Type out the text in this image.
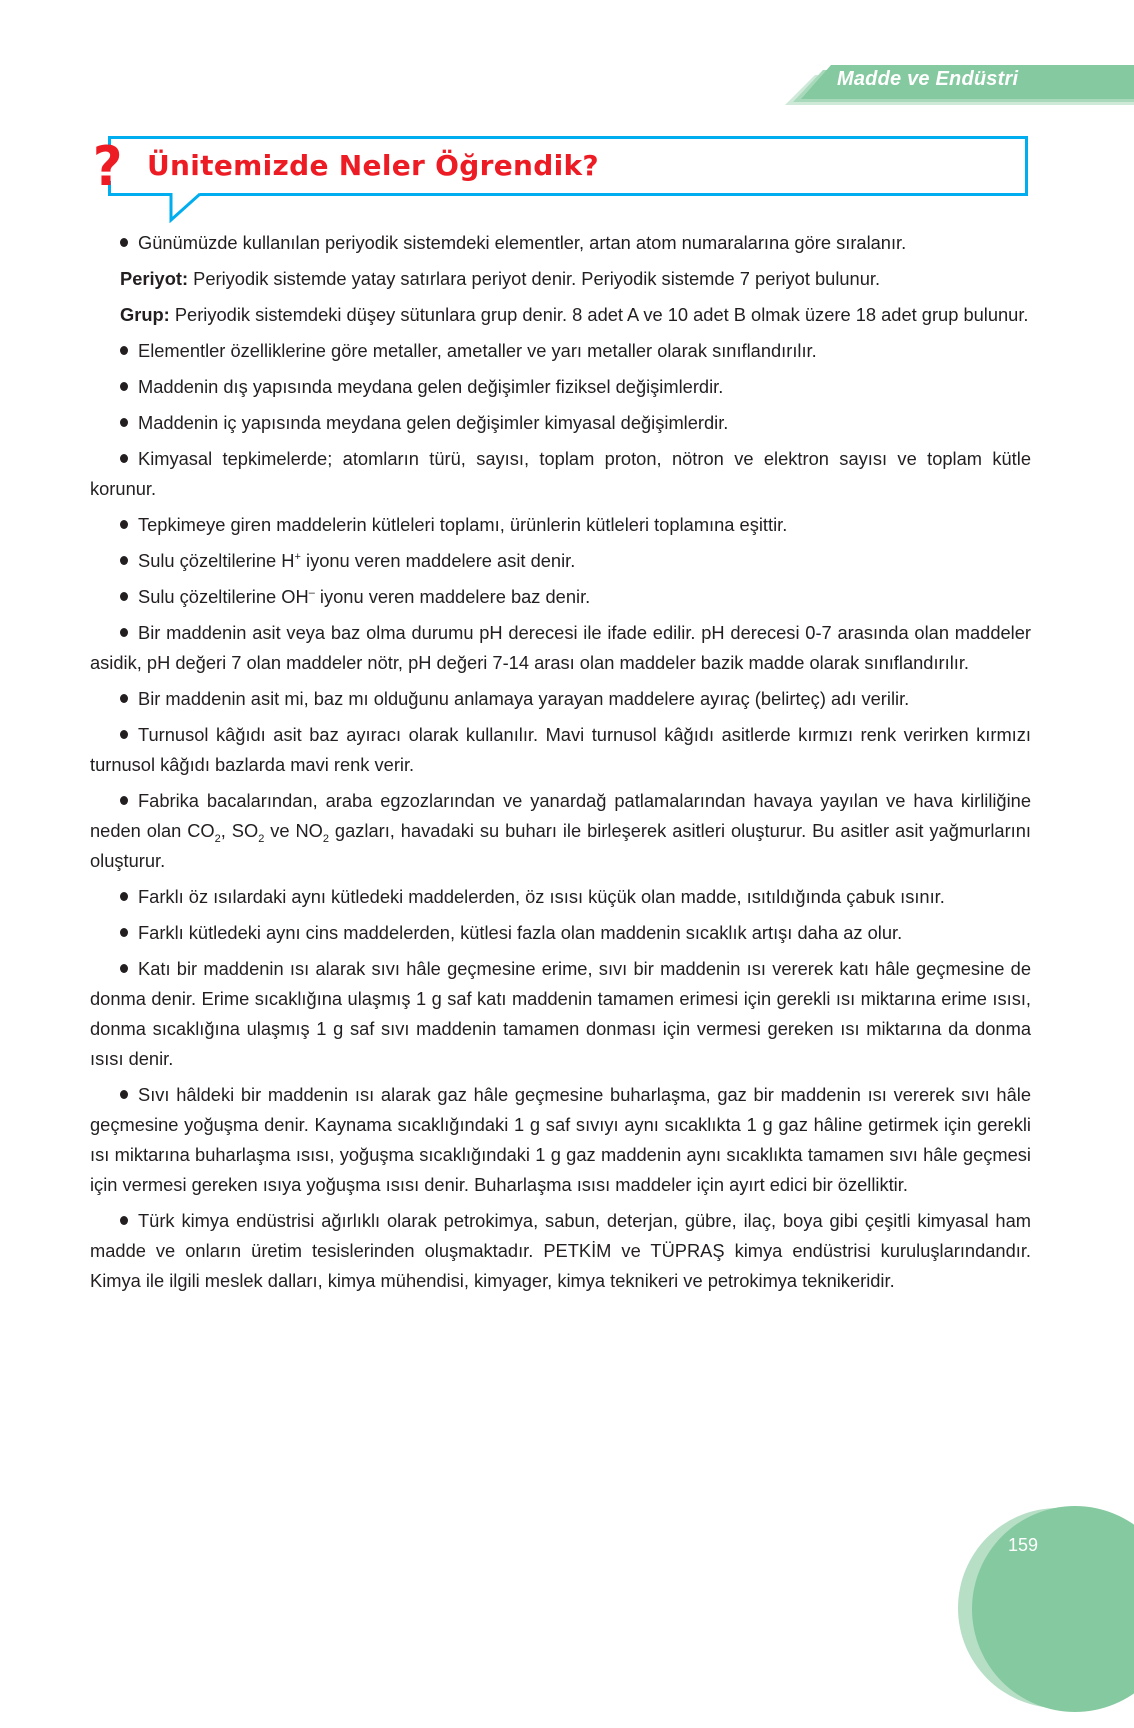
Madde ve Endüstri
? Ünitemizde Neler Öğrendik?

Günümüzde kullanılan periyodik sistemdeki elementler, artan atom numaralarına göre sıralanır.

Periyot: Periyodik sistemde yatay satırlara periyot denir. Periyodik sistemde 7 periyot bulunur.

Grup: Periyodik sistemdeki düşey sütunlara grup denir. 8 adet A ve 10 adet B olmak üzere 18 adet grup bulunur.

Elementler özelliklerine göre metaller, ametaller ve yarı metaller olarak sınıflandırılır.

Maddenin dış yapısında meydana gelen değişimler fiziksel değişimlerdir.

Maddenin iç yapısında meydana gelen değişimler kimyasal değişimlerdir.

Kimyasal tepkimelerde; atomların türü, sayısı, toplam proton, nötron ve elektron sayısı ve toplam kütle korunur.

Tepkimeye giren maddelerin kütleleri toplamı, ürünlerin kütleleri toplamına eşittir.

Sulu çözeltilerine H+ iyonu veren maddelere asit denir.

Sulu çözeltilerine OH– iyonu veren maddelere baz denir.

Bir maddenin asit veya baz olma durumu pH derecesi ile ifade edilir. pH derecesi 0-7 arasında olan maddeler asidik, pH değeri 7 olan maddeler nötr, pH değeri 7-14 arası olan maddeler bazik madde olarak sınıflandırılır.

Bir maddenin asit mi, baz mı olduğunu anlamaya yarayan maddelere ayıraç (belirteç) adı verilir.

Turnusol kâğıdı asit baz ayıracı olarak kullanılır. Mavi turnusol kâğıdı asitlerde kırmızı renk verirken kırmızı turnusol kâğıdı bazlarda mavi renk verir.

Fabrika bacalarından, araba egzozlarından ve yanardağ patlamalarından havaya yayılan ve hava kirliliğine neden olan $CO_2$, $SO_2$ ve $NO_2$ gazları, havadaki su buharı ile birleşerek asitleri oluşturur. Bu asitler asit yağmurlarını oluşturur.

Farklı öz ısılardaki aynı kütledeki maddelerden, öz ısısı küçük olan madde, ısıtıldığında çabuk ısınır.

Farklı kütledeki aynı cins maddelerden, kütlesi fazla olan maddenin sıcaklık artışı daha az olur.

Katı bir maddenin ısı alarak sıvı hâle geçmesine erime, sıvı bir maddenin ısı vererek katı hâle geçmesine de donma denir. Erime sıcaklığına ulaşmış 1 g saf katı maddenin tamamen erimesi için gerekli ısı miktarına erime ısısı, donma sıcaklığına ulaşmış 1 g saf sıvı maddenin tamamen donması için vermesi gereken ısı miktarına da donma ısısı denir.

Sıvı hâldeki bir maddenin ısı alarak gaz hâle geçmesine buharlaşma, gaz bir maddenin ısı vererek sıvı hâle geçmesine yoğuşma denir. Kaynama sıcaklığındaki 1 g saf sıvıyı aynı sıcaklıkta 1 g gaz hâline getirmek için gerekli ısı miktarına buharlaşma ısısı, yoğuşma sıcaklığındaki 1 g gaz maddenin aynı sıcaklıkta tamamen sıvı hâle geçmesi için vermesi gereken ısıya yoğuşma ısısı denir. Buharlaşma ısısı maddeler için ayırt edici bir özelliktir.

Türk kimya endüstrisi ağırlıklı olarak petrokimya, sabun, deterjan, gübre, ilaç, boya gibi çeşitli kimyasal ham madde ve onların üretim tesislerinden oluşmaktadır. PETKİM ve TÜPRAŞ kimya endüstrisi kuruluşlarındandır. Kimya ile ilgili meslek dalları, kimya mühendisi, kimyager, kimya teknikeri ve petrokimya teknikeridir.

159
